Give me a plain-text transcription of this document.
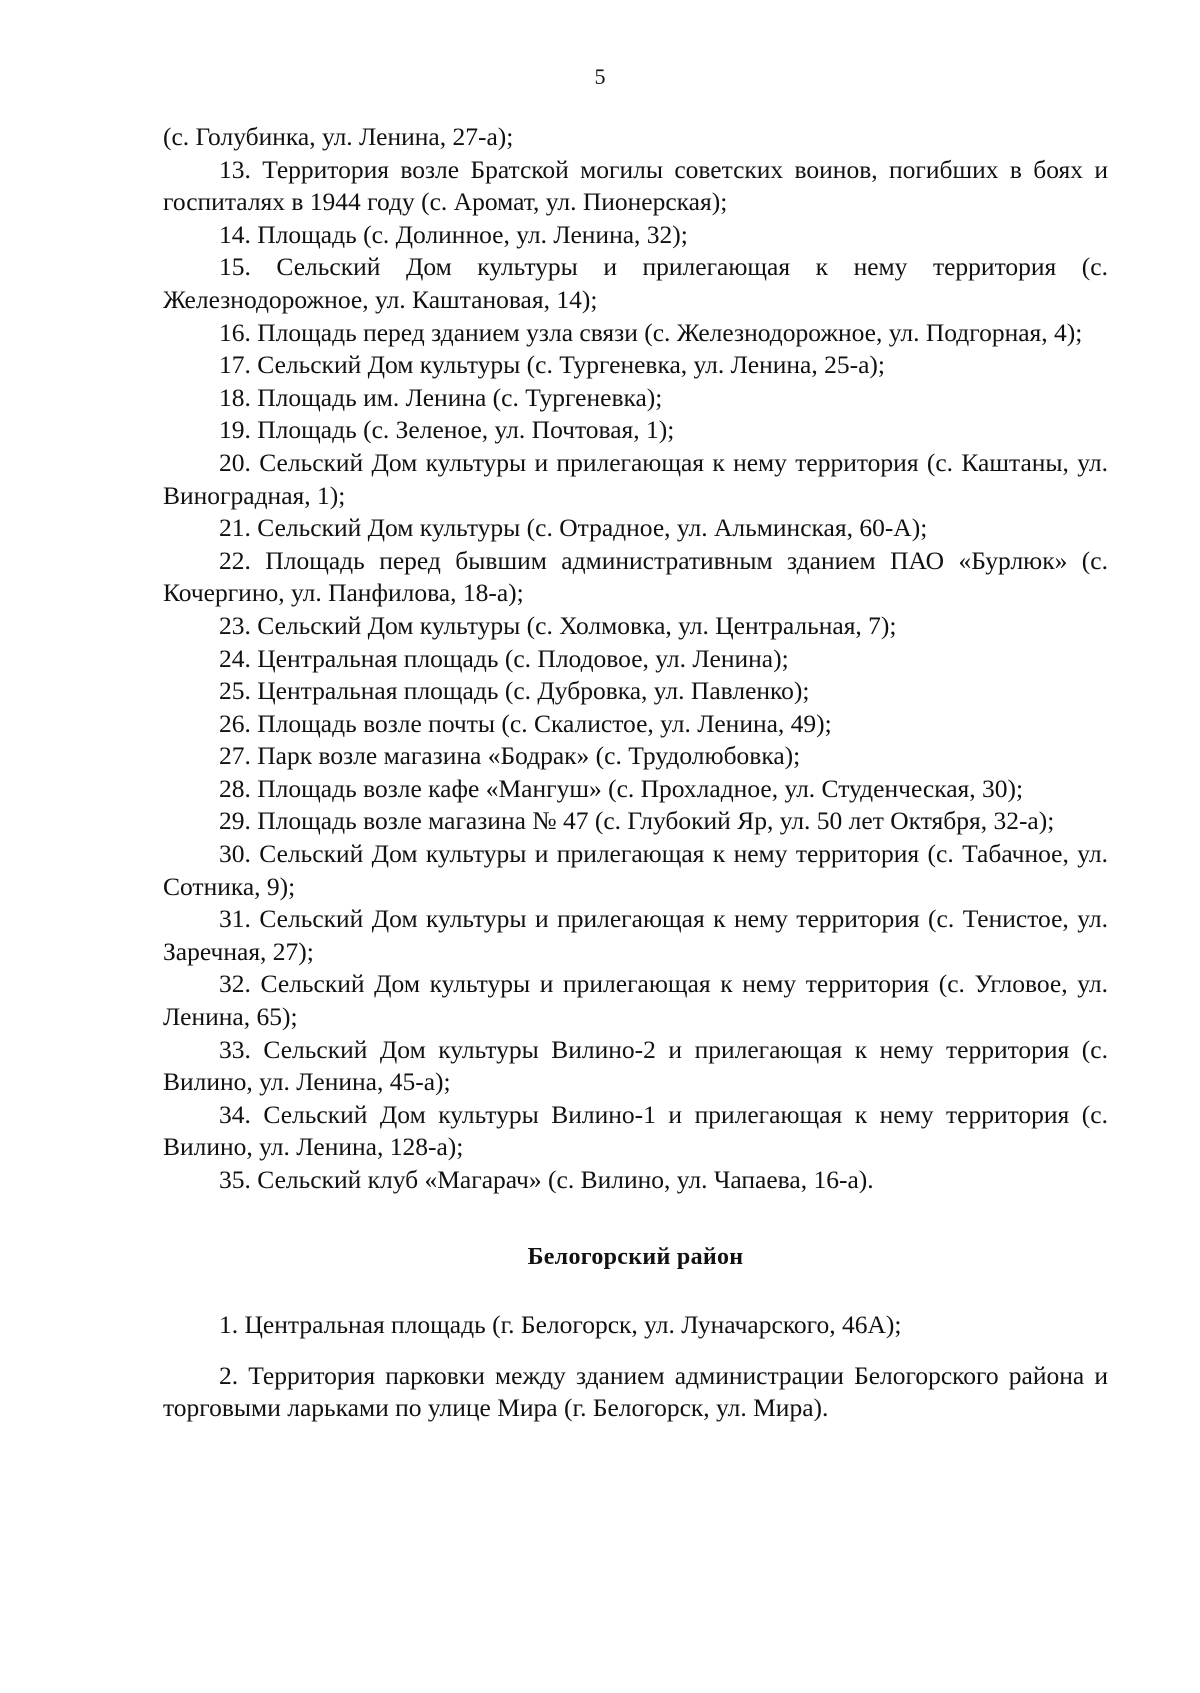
5

(с. Голубинка, ул. Ленина, 27-а);

13. Территория возле Братской могилы советских воинов, погибших в боях и госпиталях в 1944 году (с. Аромат, ул. Пионерская);

14. Площадь (с. Долинное, ул. Ленина, 32);

15. Сельский Дом культуры и прилегающая к нему территория (с. Железнодорожное, ул. Каштановая, 14);

16. Площадь перед зданием узла связи (с. Железнодорожное, ул. Подгорная, 4);

17. Сельский Дом культуры (с. Тургеневка, ул. Ленина, 25-а);

18. Площадь им. Ленина (с. Тургеневка);

19. Площадь (с. Зеленое, ул. Почтовая, 1);

20. Сельский Дом культуры и прилегающая к нему территория (с. Каштаны, ул. Виноградная, 1);

21. Сельский Дом культуры (с. Отрадное, ул. Альминская, 60-А);

22. Площадь перед бывшим административным зданием ПАО «Бурлюк» (с. Кочергино, ул. Панфилова, 18-а);

23. Сельский Дом культуры (с. Холмовка, ул. Центральная, 7);

24. Центральная площадь (с. Плодовое, ул. Ленина);

25. Центральная площадь (с. Дубровка, ул. Павленко);

26. Площадь возле почты (с. Скалистое, ул. Ленина, 49);

27. Парк возле магазина «Бодрак» (с. Трудолюбовка);

28. Площадь возле кафе «Мангуш» (с. Прохладное, ул. Студенческая, 30);

29. Площадь возле магазина № 47 (с. Глубокий Яр, ул. 50 лет Октября, 32-а);

30. Сельский Дом культуры и прилегающая к нему территория (с. Табачное, ул. Сотника, 9);

31. Сельский Дом культуры и прилегающая к нему территория (с. Тенистое, ул. Заречная, 27);

32. Сельский Дом культуры и прилегающая к нему территория (с. Угловое, ул. Ленина, 65);

33. Сельский Дом культуры Вилино-2 и прилегающая к нему территория (с. Вилино, ул. Ленина, 45-а);

34. Сельский Дом культуры Вилино-1 и прилегающая к нему территория (с. Вилино, ул. Ленина, 128-а);

35. Сельский клуб «Магарач» (с. Вилино, ул. Чапаева, 16-а).

Белогорский район

1. Центральная площадь (г. Белогорск, ул. Луначарского, 46А);

2. Территория парковки между зданием администрации Белогорского района и торговыми ларьками по улице Мира (г. Белогорск, ул. Мира).
